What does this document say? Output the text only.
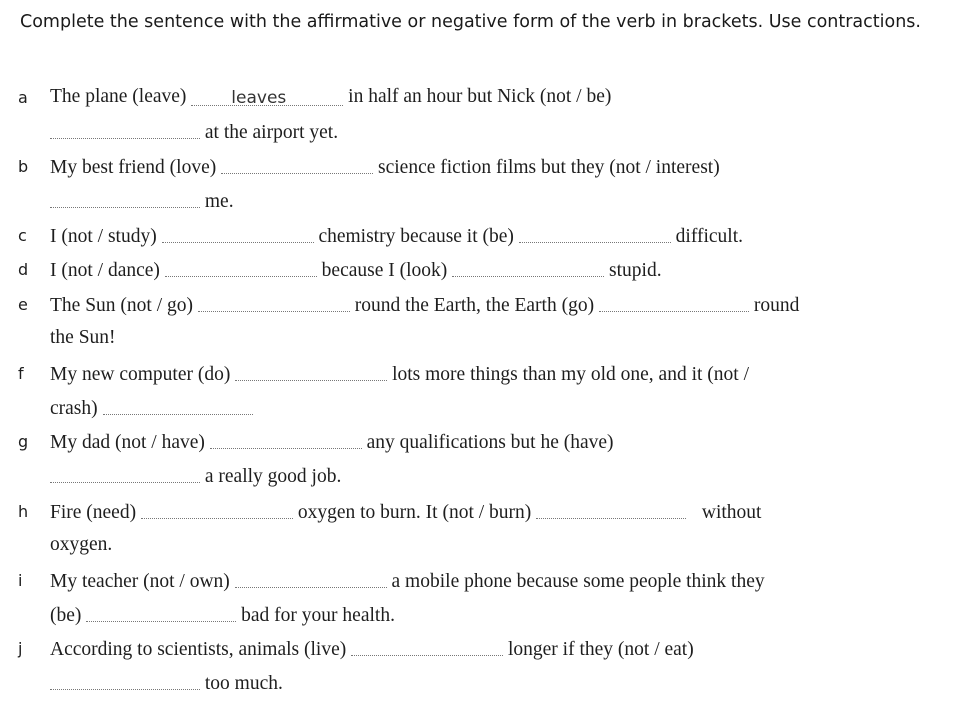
Complete the sentence with the affirmative or negative form of the verb in brackets. Use contractions.

a	The plane (leave)	leaves	in half an hour but Nick (not / be)
at the airport yet.
b	My best friend (love)	science fiction films but they (not / interest)
me.
c	I (not / study)	chemistry because it (be)	difficult.
d	I (not / dance)	because I (look)	stupid.
e	The Sun (not / go)	round the Earth, the Earth (go)	round
the Sun!
f	My new computer (do)	lots more things than my old one, and it (not /
crash)
g	My dad (not / have)	any qualifications but he (have)
a really good job.
h	Fire (need)	oxygen to burn. It (not / burn)	without
oxygen.
i	My teacher (not / own)	a mobile phone because some people think they
(be)	bad for your health.
j	According to scientists, animals (live)	longer if they (not / eat)
too much.
